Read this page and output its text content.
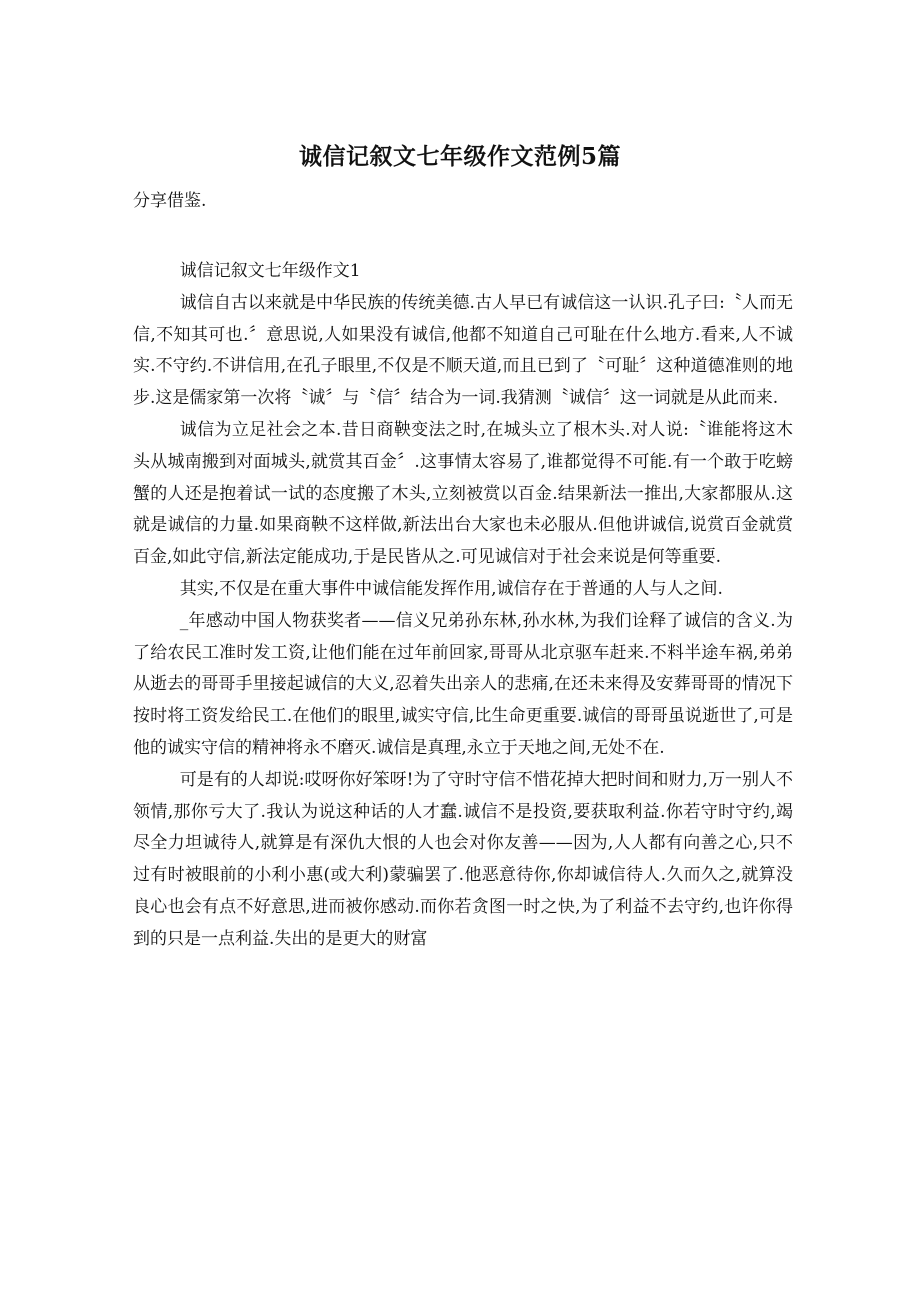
诚信记叙文七年级作文范例5篇

分享借鉴.

诚信记叙文七年级作文1

诚信自古以来就是中华民族的传统美德.古人早已有诚信这一认识.孔子曰:〝人而无信,不知其可也.〞意思说,人如果没有诚信,他都不知道自己可耻在什么地方.看来,人不诚实.不守约.不讲信用,在孔子眼里,不仅是不顺天道,而且已到了〝可耻〞这种道德准则的地步.这是儒家第一次将〝诚〞与〝信〞结合为一词.我猜测〝诚信〞这一词就是从此而来.

诚信为立足社会之本.昔日商鞅变法之时,在城头立了根木头.对人说:〝谁能将这木头从城南搬到对面城头,就赏其百金〞.这事情太容易了,谁都觉得不可能.有一个敢于吃螃蟹的人还是抱着试一试的态度搬了木头,立刻被赏以百金.结果新法一推出,大家都服从.这就是诚信的力量.如果商鞅不这样做,新法出台大家也未必服从.但他讲诚信,说赏百金就赏百金,如此守信,新法定能成功,于是民皆从之.可见诚信对于社会来说是何等重要.

其实,不仅是在重大事件中诚信能发挥作用,诚信存在于普通的人与人之间.

_年感动中国人物获奖者——信义兄弟孙东林,孙水林,为我们诠释了诚信的含义.为了给农民工准时发工资,让他们能在过年前回家,哥哥从北京驱车赶来.不料半途车祸,弟弟从逝去的哥哥手里接起诚信的大义,忍着失出亲人的悲痛,在还未来得及安葬哥哥的情况下按时将工资发给民工.在他们的眼里,诚实守信,比生命更重要.诚信的哥哥虽说逝世了,可是他的诚实守信的精神将永不磨灭.诚信是真理,永立于天地之间,无处不在.

可是有的人却说:哎呀你好笨呀!为了守时守信不惜花掉大把时间和财力,万一别人不领情,那你亏大了.我认为说这种话的人才蠢.诚信不是投资,要获取利益.你若守时守约,竭尽全力坦诚待人,就算是有深仇大恨的人也会对你友善——因为,人人都有向善之心,只不过有时被眼前的小利小惠(或大利)蒙骗罢了.他恶意待你,你却诚信待人.久而久之,就算没良心也会有点不好意思,进而被你感动.而你若贪图一时之快,为了利益不去守约,也许你得到的只是一点利益.失出的是更大的财富
